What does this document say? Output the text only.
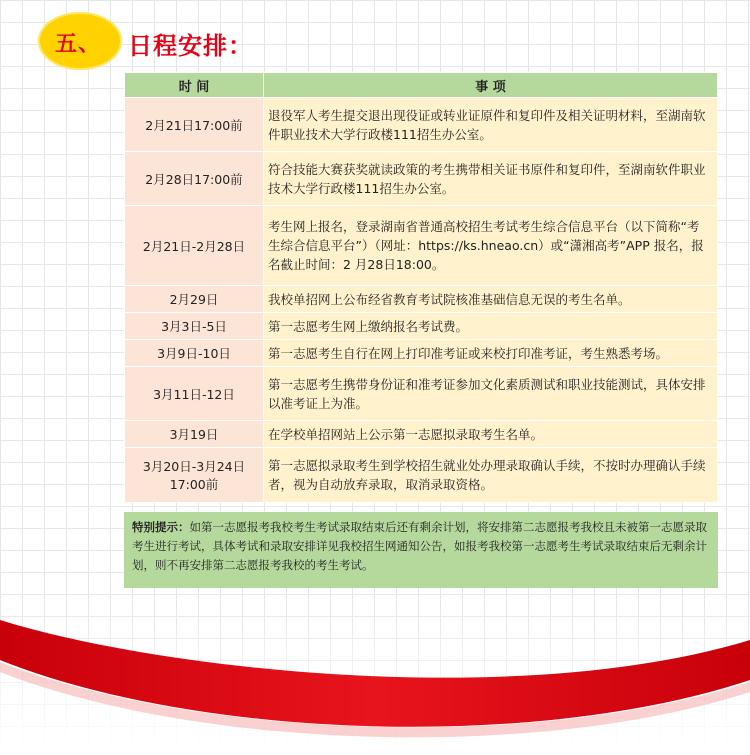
五、 日程安排：
时 间	事 项
2月21日17:00前	退役军人考生提交退出现役证或转业证原件和复印件及相关证明材料，至湖南软件职业技术大学行政楼111招生办公室。
2月28日17:00前	符合技能大赛获奖就读政策的考生携带相关证书原件和复印件，至湖南软件职业技术大学行政楼111招生办公室。
2月21日-2月28日	考生网上报名，登录湖南省普通高校招生考试考生综合信息平台（以下简称“考生综合信息平台”）（网址：https://ks.hneao.cn）或“潇湘高考”APP 报名，报名截止时间：2 月28日18:00。
2月29日	我校单招网上公布经省教育考试院核准基础信息无误的考生名单。
3月3日-5日	第一志愿考生网上缴纳报名考试费。
3月9日-10日	第一志愿考生自行在网上打印准考证或来校打印准考证，考生熟悉考场。
3月11日-12日	第一志愿考生携带身份证和准考证参加文化素质测试和职业技能测试，具体安排以准考证上为准。
3月19日	在学校单招网站上公示第一志愿拟录取考生名单。
3月20日-3月24日 17:00前	第一志愿拟录取考生到学校招生就业处办理录取确认手续，不按时办理确认手续者，视为自动放弃录取，取消录取资格。
特别提示：如第一志愿报考我校考生考试录取结束后还有剩余计划，将安排第二志愿报考我校且未被第一志愿录取考生进行考试，具体考试和录取安排详见我校招生网通知公告，如报考我校第一志愿考生考试录取结束后无剩余计划，则不再安排第二志愿报考我校的考生考试。
